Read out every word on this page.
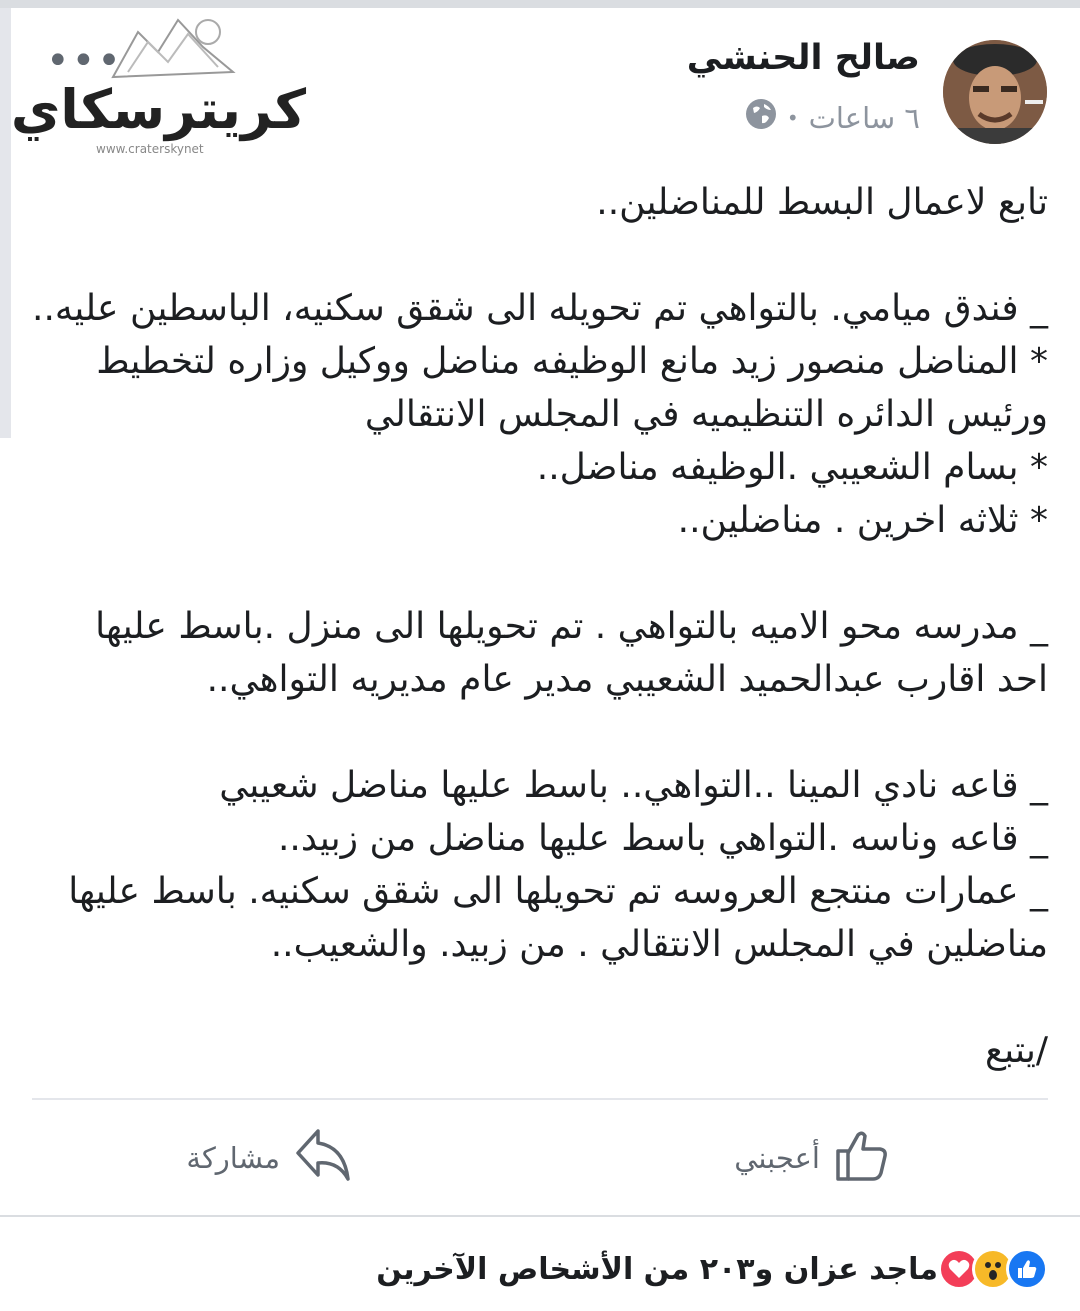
صالح الحنشي
٦ ساعات
•
•••
كريترسكاي
www.craterskynet
تابع لاعمال البسط للمناضلين..
_ فندق ميامي. بالتواهي تم تحويله الى شقق سكنيه، الباسطين عليه..
* المناضل منصور زيد مانع الوظيفه مناضل ووكيل وزاره لتخطيط
ورئيس الدائره التنظيميه في المجلس الانتقالي
* بسام الشعيبي .الوظيفه مناضل..
* ثلاثه اخرين . مناضلين..
_ مدرسه محو الاميه بالتواهي . تم تحويلها الى منزل .باسط عليها
احد اقارب عبدالحميد الشعيبي مدير عام مديريه التواهي..
_ قاعه نادي المينا ..التواهي.. باسط عليها مناضل شعيبي
_ قاعه وناسه .التواهي باسط عليها مناضل من زبيد..
_ عمارات منتجع العروسه تم تحويلها الى شقق سكنيه. باسط عليها
مناضلين في المجلس الانتقالي . من زبيد. والشعيب..
/يتبع
أعجبني
مشاركة
ماجد عزان و٢٠٣ من الأشخاص الآخرين
